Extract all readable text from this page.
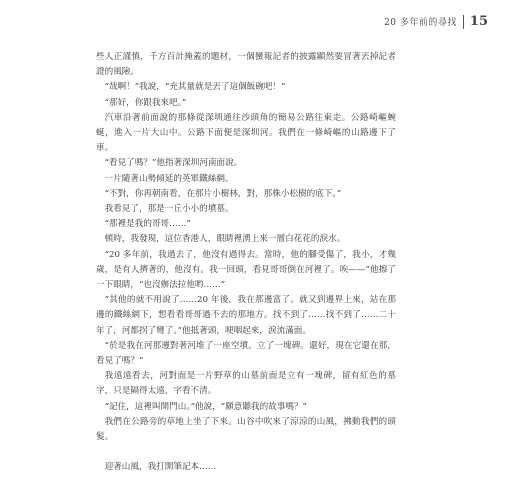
20 多年前的尋找 15

些人正謹慎，千方百計掩蓋的題材，一個蠻報記者的披露顯然要冒著丟掉記者證的風險。

“哉啊！”我說，“充其量就是丟了這個飯碗吧！”

“那好，你跟我來吧。”

汽車沿著前面說的那條從深圳通往沙頭角的簡易公路往東走。公路崎嶇蜿蜒，進入一片大山中。公路下面便是深圳河。我們在一條崎嶇的山路邊下了車。

“看見了嗎？”他指著深圳河南面說。

一片隨著山勢傾延的英軍鐵絲網。

“不對，你再朝南看，在那片小樹林，對，那株小松樹的底下。”

我看見了，那是一丘小小的墳墓。

“那裡是我的哥哥……”

頓時，我發現，這位香港人，眼睛裡湧上來一層白花花的淚水。

“20 多年前，我過去了，他沒有過得去。當時，他的腳受傷了，我小，才幾歲，是有人擠著的，他沒有。我一回頭，看見哥哥倒在河裡了。唉——”他擦了一下眼睛，“也沒辦法拉他哟……”

“其他的就不用說了……20 年後，我在那邊富了。就又到邊界上來，站在那邊的鐵絲網下，想看看哥哥過不去的那地方。找不到了……找不到了……二十年了，河都拐了彎了。”他抵著頭，哽咽起來，淚流滿面。

“於是我在河那邊對著河堆了一座空墳。立了一塊碑。還好，現在它還在那，看見了嗎？”

我遠遠看去，河對面是一片野草的山墓前面是立有一塊碑，留有紅色的墓字，只是隔得太遠，字看不清。

“記住，這裡叫開門山。”他說，“願意聽我的故事嗎？”

我們在公路旁的草地上坐了下來。山谷中吹來了涼涼的山風，拂動我們的頭髮。

迎著山風，我打開筆記本……
